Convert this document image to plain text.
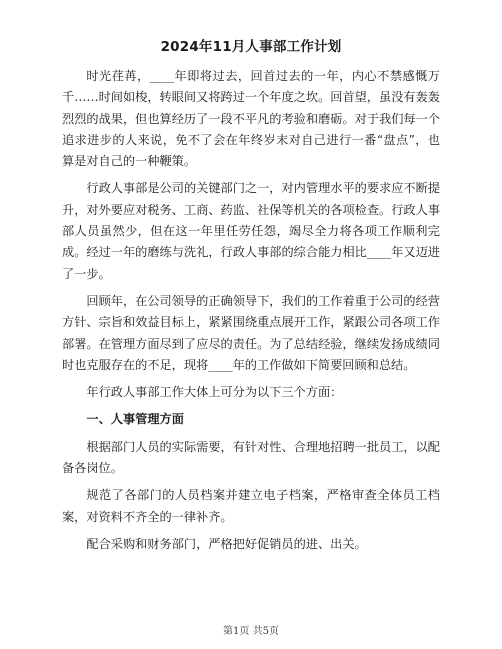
2024年11月人事部工作计划

时光荏苒，____年即将过去，回首过去的一年，内心不禁感慨万千……时间如梭，转眼间又将跨过一个年度之坎。回首望，虽没有轰轰烈烈的战果，但也算经历了一段不平凡的考验和磨砺。对于我们每一个追求进步的人来说，免不了会在年终岁末对自己进行一番“盘点”，也算是对自己的一种鞭策。

行政人事部是公司的关键部门之一，对内管理水平的要求应不断提升，对外要应对税务、工商、药监、社保等机关的各项检查。行政人事部人员虽然少，但在这一年里任劳任怨，竭尽全力将各项工作顺利完成。经过一年的磨练与洗礼，行政人事部的综合能力相比____年又迈进了一步。

回顾年，在公司领导的正确领导下，我们的工作着重于公司的经营方针、宗旨和效益目标上，紧紧围绕重点展开工作，紧跟公司各项工作部署。在管理方面尽到了应尽的责任。为了总结经验，继续发扬成绩同时也克服存在的不足，现将____年的工作做如下简要回顾和总结。

年行政人事部工作大体上可分为以下三个方面：

一、人事管理方面

根据部门人员的实际需要，有针对性、合理地招聘一批员工，以配备各岗位。

规范了各部门的人员档案并建立电子档案，严格审查全体员工档案，对资料不齐全的一律补齐。

配合采购和财务部门，严格把好促销员的进、出关。

第1页 共5页
